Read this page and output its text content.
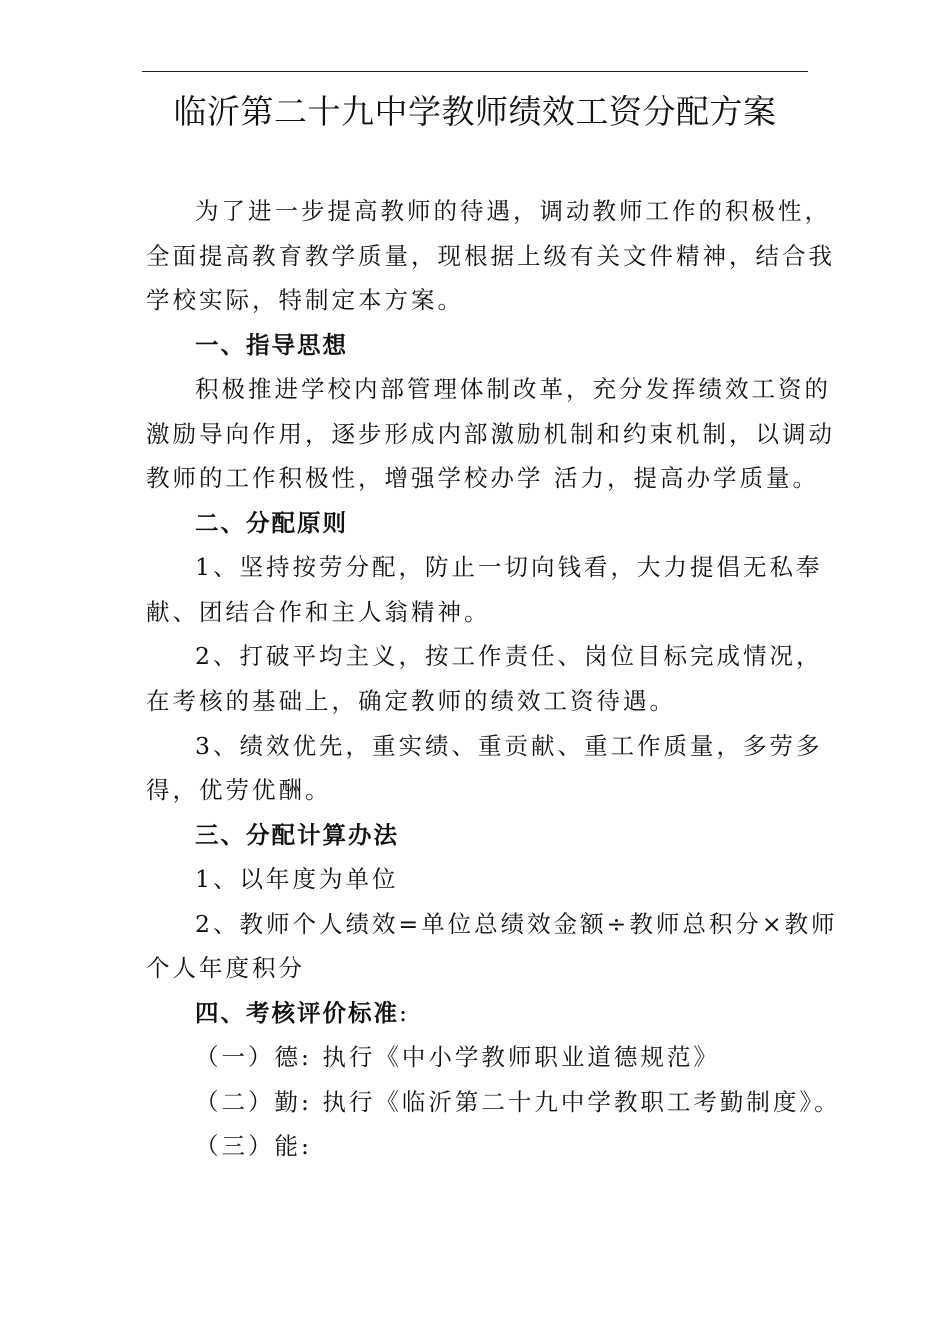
临沂第二十九中学教师绩效工资分配方案
为了进一步提高教师的待遇，调动教师工作的积极性，
全面提高教育教学质量，现根据上级有关文件精神，结合我
学校实际，特制定本方案。
一、指导思想
积极推进学校内部管理体制改革，充分发挥绩效工资的
激励导向作用，逐步形成内部激励机制和约束机制，以调动
教师的工作积极性，增强学校办学 活力，提高办学质量。
二、分配原则
1、坚持按劳分配，防止一切向钱看，大力提倡无私奉
献、团结合作和主人翁精神。
2、打破平均主义，按工作责任、岗位目标完成情况，
在考核的基础上，确定教师的绩效工资待遇。
3、绩效优先，重实绩、重贡献、重工作质量，多劳多
得，优劳优酬。
三、分配计算办法
1、以年度为单位
2、教师个人绩效=单位总绩效金额÷教师总积分×教师
个人年度积分
四、考核评价标准:
（一）德: 执行《中小学教师职业道德规范》
（二）勤: 执行《临沂第二十九中学教职工考勤制度》。
（三）能:
